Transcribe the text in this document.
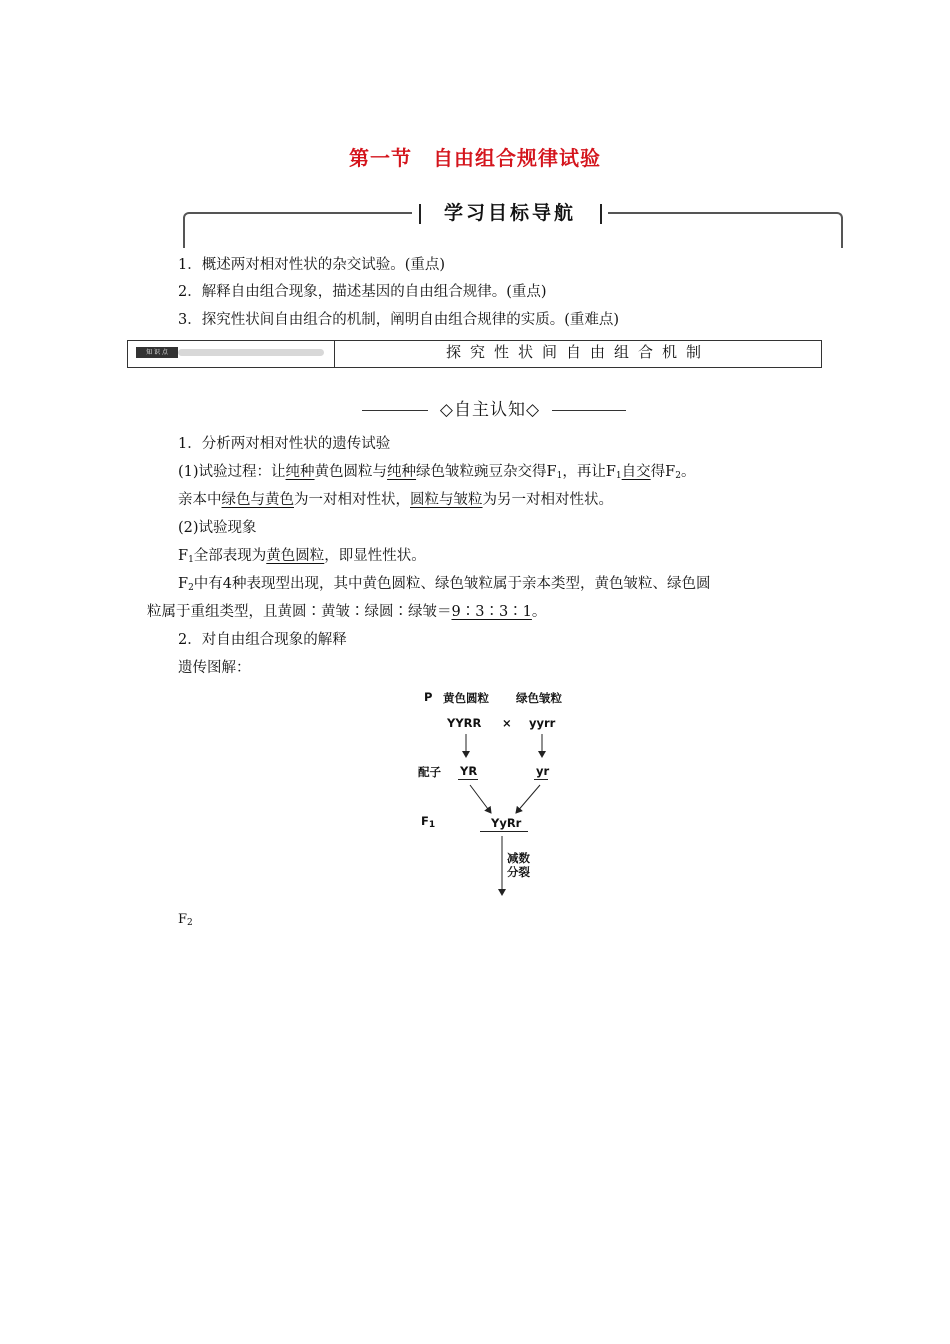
第一节　自由组合规律试验
学习目标导航
1．概述两对相对性状的杂交试验。(重点)
2．解释自由组合现象，描述基因的自由组合规律。(重点)
3．探究性状间自由组合的机制，阐明自由组合规律的实质。(重难点)
知 识 点	探究性状间自由组合机制
◇自主认知◇
1．分析两对相对性状的遗传试验
(1)试验过程：让纯种黄色圆粒与纯种绿色皱粒豌豆杂交得$F_1$，再让$F_1$自交得$F_2$。
亲本中绿色与黄色为一对相对性状，圆粒与皱粒为另一对相对性状。
(2)试验现象
$F_1$全部表现为黄色圆粒，即显性性状。
$F_2$中有4种表现型出现，其中黄色圆粒、绿色皱粒属于亲本类型，黄色皱粒、绿色圆
粒属于重组类型，且黄圆∶黄皱∶绿圆∶绿皱＝9∶3∶3∶1。
2．对自由组合现象的解释
遗传图解：
P 黄色圆粒 绿色皱粒
YYRR × yyrr
配子 YR	yr
$F_1$	YyRr
减数
分裂
$F_2$
